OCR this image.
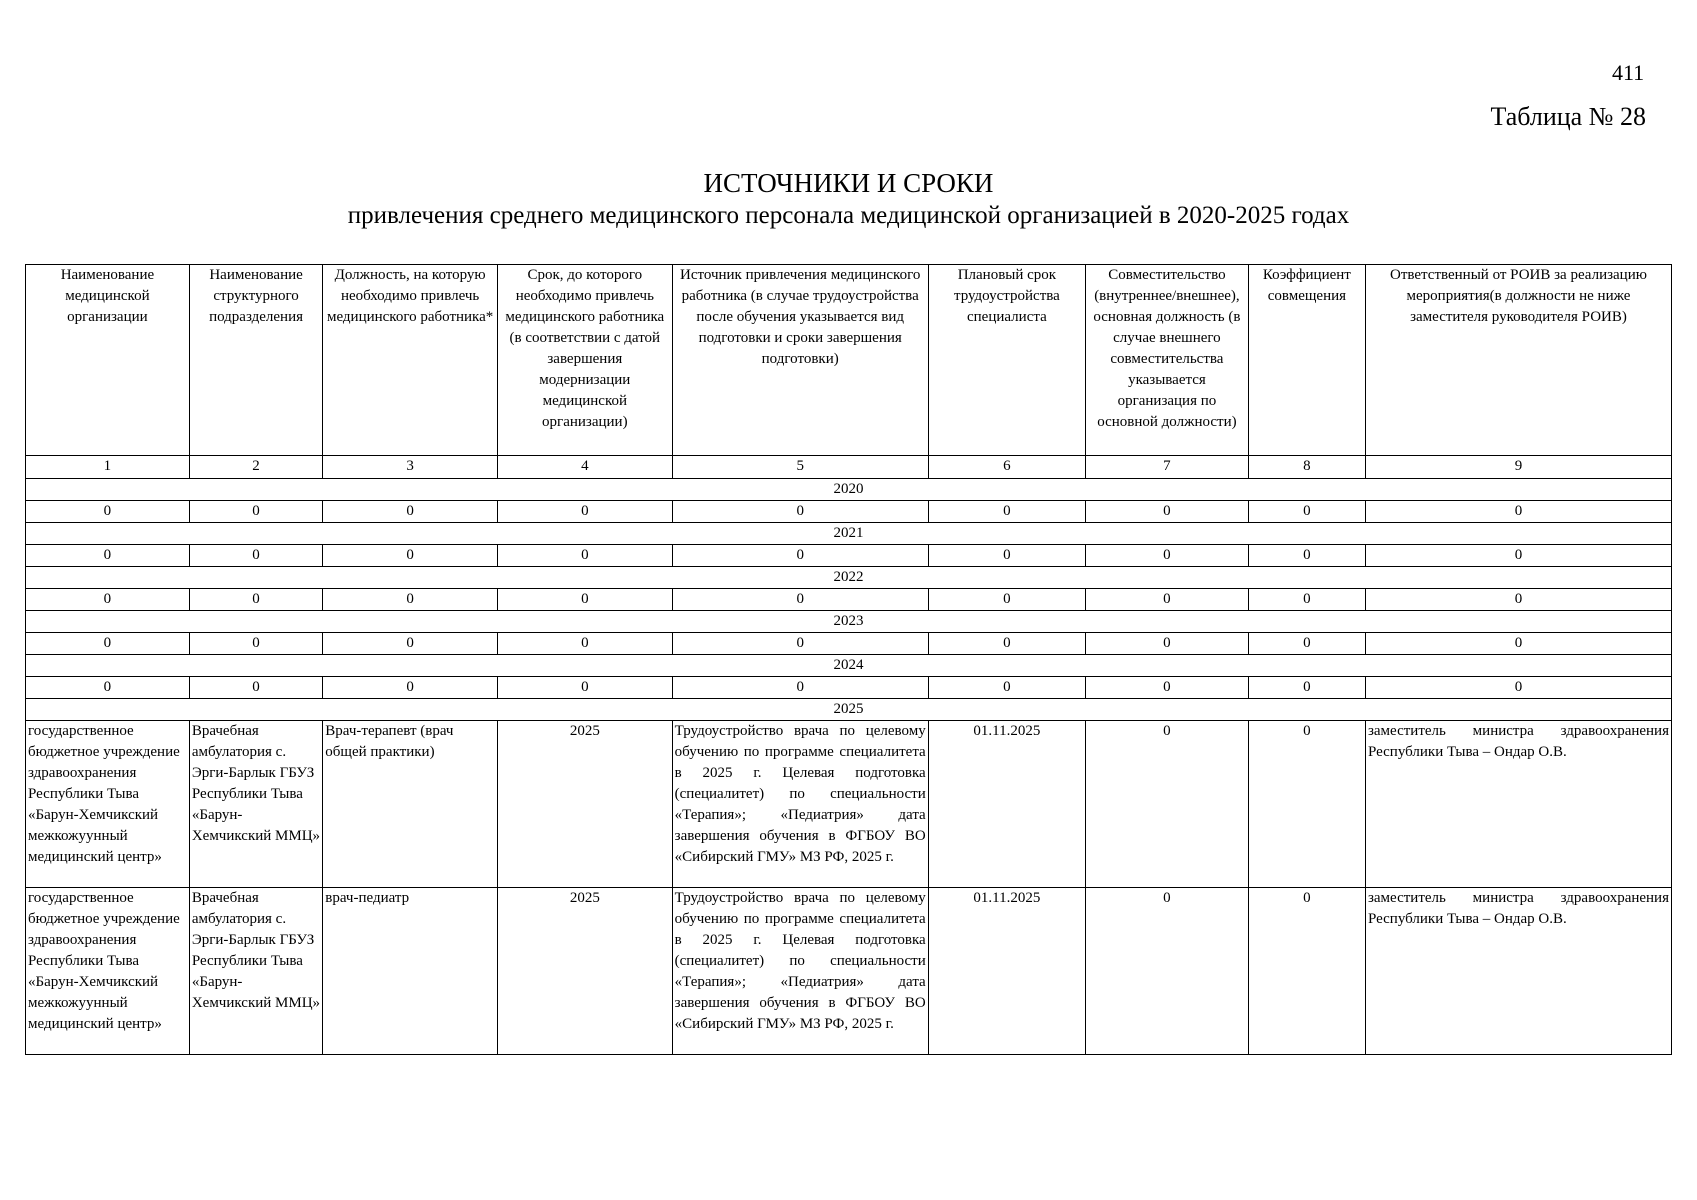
411
Таблица № 28
ИСТОЧНИКИ И СРОКИ
привлечения среднего медицинского персонала медицинской организацией в 2020-2025 годах
Наименование медицинской организации	Наименование структурного подразделения	Должность, на которую необходимо привлечь медицинского работника*	Срок, до которого необходимо привлечь медицинского работника (в соответствии с датой завершения модернизации медицинской организации)	Источник привлечения медицинского работника (в случае трудоустройства после обучения указывается вид подготовки и сроки завершения подготовки)	Плановый срок трудоустройства специалиста	Совместительство (внутреннее/внешнее), основная должность (в случае внешнего совместительства указывается организация по основной должности)	Коэффициент совмещения	Ответственный от РОИВ за реализацию мероприятия(в должности не ниже заместителя руководителя РОИВ)
1	2	3	4	5	6	7	8	9
2020								
0	0	0	0	0	0	0	0	0
2021								
0	0	0	0	0	0	0	0	0
2022								
0	0	0	0	0	0	0	0	0
2023								
0	0	0	0	0	0	0	0	0
2024								
0	0	0	0	0	0	0	0	0
2025								
государственное бюджетное учреждение здравоохранения Республики Тыва «Барун-Хемчикский межкожуунный медицинский центр»	Врачебная амбулатория с. Эрги-Барлык ГБУЗ Республики Тыва «Барун-Хемчикский ММЦ»	Врач-терапевт (врач общей практики)	2025	Трудоустройство врача по целевому обучению по программе специалитета в 2025 г. Целевая подготовка (специалитет) по специальности «Терапия»; «Педиатрия» дата завершения обучения в ФГБОУ ВО «Сибирский ГМУ» МЗ РФ, 2025 г.	01.11.2025	0	0	заместитель министра здравоохранения Республики Тыва – Ондар О.В.
государственное бюджетное учреждение здравоохранения Республики Тыва «Барун-Хемчикский межкожуунный медицинский центр»	Врачебная амбулатория с. Эрги-Барлык ГБУЗ Республики Тыва «Барун-Хемчикский ММЦ»	врач-педиатр	2025	Трудоустройство врача по целевому обучению по программе специалитета в 2025 г. Целевая подготовка (специалитет) по специальности «Терапия»; «Педиатрия» дата завершения обучения в ФГБОУ ВО «Сибирский ГМУ» МЗ РФ, 2025 г.	01.11.2025	0	0	заместитель министра здравоохранения Республики Тыва – Ондар О.В.
